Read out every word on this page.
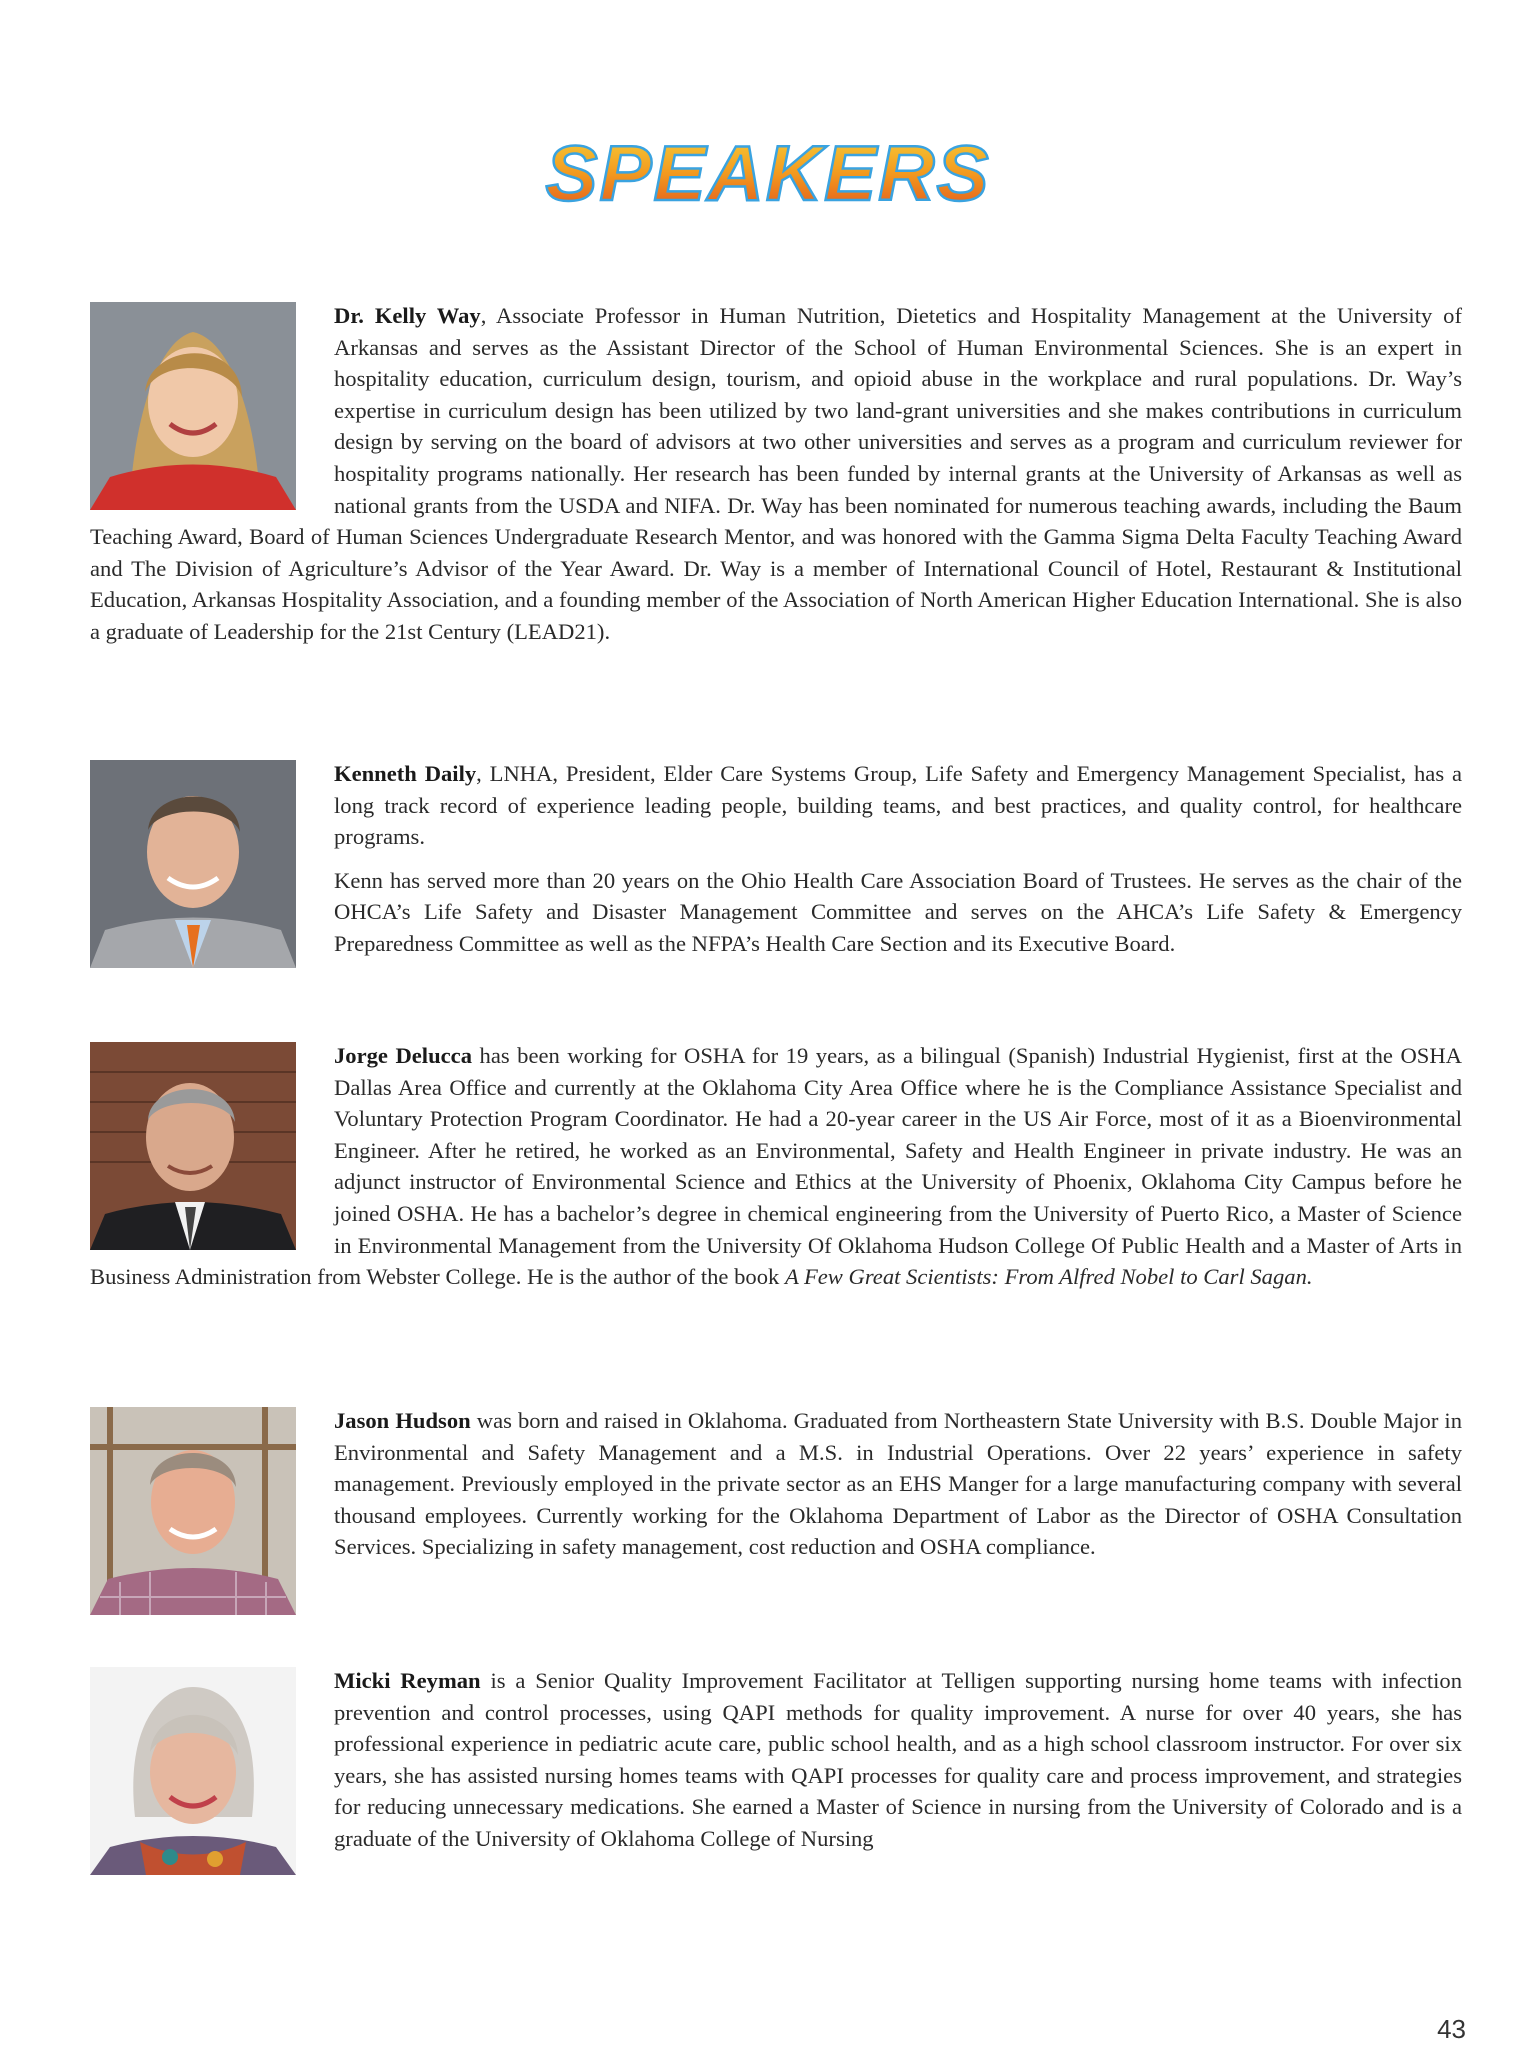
SPEAKERS

Dr. Kelly Way, Associate Professor in Human Nutrition, Dietetics and Hospitality Management at the University of Arkansas and serves as the Assistant Director of the School of Human Environmental Sciences. She is an expert in hospitality education, curriculum design, tourism, and opioid abuse in the workplace and rural populations. Dr. Way’s expertise in curriculum design has been utilized by two land-grant universities and she makes contributions in curriculum design by serving on the board of advisors at two other universities and serves as a program and curriculum reviewer for hospitality programs nationally. Her research has been funded by internal grants at the University of Arkansas as well as national grants from the USDA and NIFA. Dr. Way has been nominated for numerous teaching awards, including the Baum Teaching Award, Board of Human Sciences Undergraduate Research Mentor, and was honored with the Gamma Sigma Delta Faculty Teaching Award and The Division of Agriculture’s Advisor of the Year Award. Dr. Way is a member of International Council of Hotel, Restaurant & Institutional Education, Arkansas Hospitality Association, and a founding member of the Association of North American Higher Education International. She is also a graduate of Leadership for the 21st Century (LEAD21).

Kenneth Daily, LNHA, President, Elder Care Systems Group, Life Safety and Emergency Management Specialist, has a long track record of experience leading people, building teams, and best practices, and quality control, for healthcare programs.

Kenn has served more than 20 years on the Ohio Health Care Association Board of Trustees. He serves as the chair of the OHCA’s Life Safety and Disaster Management Committee and serves on the AHCA’s Life Safety & Emergency Preparedness Committee as well as the NFPA’s Health Care Section and its Executive Board.

Jorge Delucca has been working for OSHA for 19 years, as a bilingual (Spanish) Industrial Hygienist, first at the OSHA Dallas Area Office and currently at the Oklahoma City Area Office where he is the Compliance Assistance Specialist and Voluntary Protection Program Coordinator. He had a 20-year career in the US Air Force, most of it as a Bioenvironmental Engineer. After he retired, he worked as an Environmental, Safety and Health Engineer in private industry. He was an adjunct instructor of Environmental Science and Ethics at the University of Phoenix, Oklahoma City Campus before he joined OSHA. He has a bachelor’s degree in chemical engineering from the University of Puerto Rico, a Master of Science in Environmental Management from the University Of Oklahoma Hudson College Of Public Health and a Master of Arts in Business Administration from Webster College. He is the author of the book A Few Great Scientists: From Alfred Nobel to Carl Sagan.

Jason Hudson was born and raised in Oklahoma. Graduated from Northeastern State University with B.S. Double Major in Environmental and Safety Management and a M.S. in Industrial Operations. Over 22 years’ experience in safety management. Previously employed in the private sector as an EHS Manger for a large manufacturing company with several thousand employees. Currently working for the Oklahoma Department of Labor as the Director of OSHA Consultation Services. Specializing in safety management, cost reduction and OSHA compliance.

Micki Reyman is a Senior Quality Improvement Facilitator at Telligen supporting nursing home teams with infection prevention and control processes, using QAPI methods for quality improvement. A nurse for over 40 years, she has professional experience in pediatric acute care, public school health, and as a high school classroom instructor. For over six years, she has assisted nursing homes teams with QAPI processes for quality care and process improvement, and strategies for reducing unnecessary medications. She earned a Master of Science in nursing from the University of Colorado and is a graduate of the University of Oklahoma College of Nursing

43
